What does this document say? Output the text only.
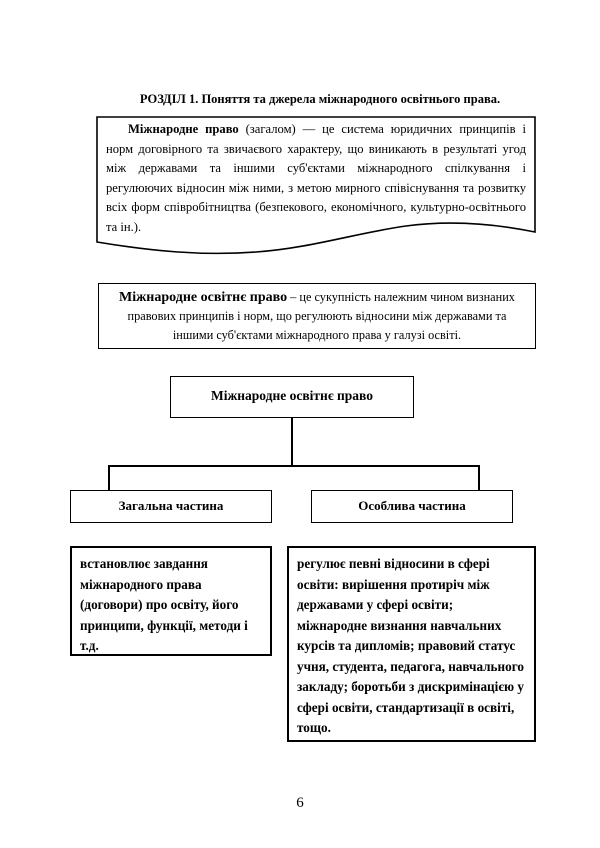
РОЗДІЛ 1. Поняття та джерела міжнародного освітнього права.
Міжнародне право (загалом) — це система юридичних принципів і норм договірного та звичаєвого характеру, що виникають в результаті угод між державами та іншими суб'єктами міжнародного спілкування і регулюючих відносин між ними, з метою мирного співіснування та розвитку всіх форм співробітництва (безпекового, економічного, культурно-освітнього та ін.).
Міжнародне освітнє право – це сукупність належним чином визнаних правових принципів і норм, що регулюють відносини між державами та іншими суб'єктами міжнародного права у галузі освіті.
Міжнародне освітнє право
Загальна частина	Особлива частина
встановлює завдання міжнародного права (договори) про освіту, його принципи, функції, методи і т.д.
регулює певні відносини в сфері освіти: вирішення протиріч між державами у сфері освіти; міжнародне визнання навчальних курсів та дипломів; правовий статус учня, студента, педагога, навчального закладу; боротьби з дискримінацією у сфері освіти, стандартизації в освіті, тощо.
6
